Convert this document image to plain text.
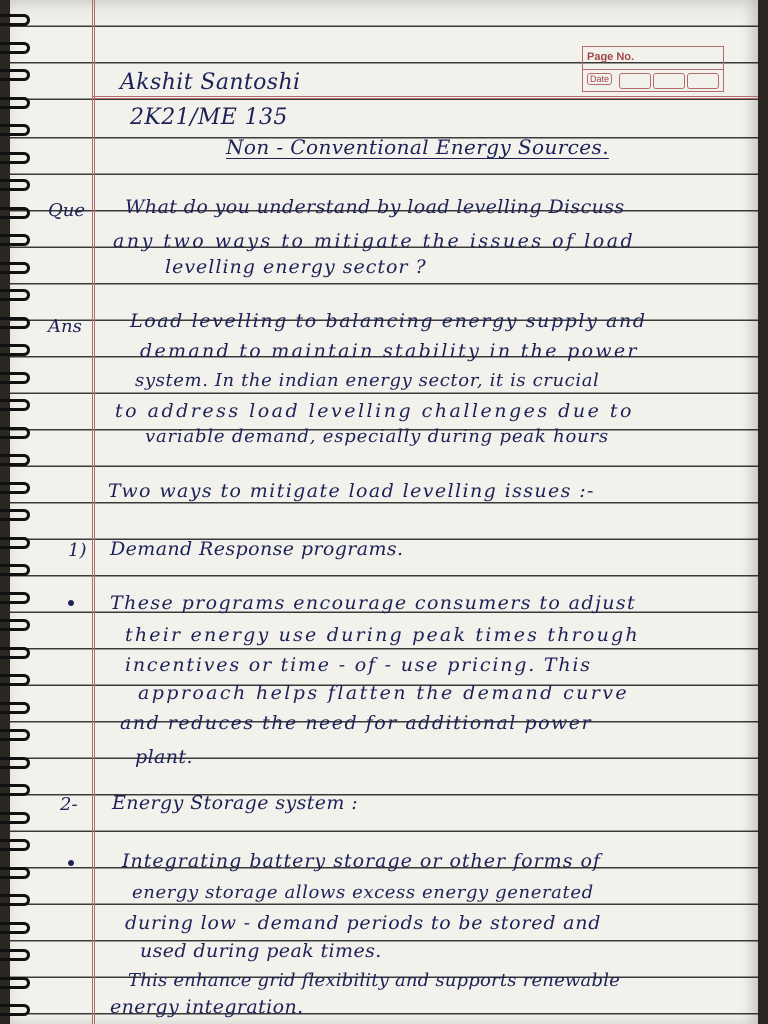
Page No.
Date
Akshit Santoshi
2K21/ME 135
Non - Conventional Energy Sources.
Que What do you understand by load levelling Discuss
any two ways to mitigate the issues of load
levelling energy sector ?
Ans	Load levelling to balancing energy supply and
demand to maintain stability in the power
system. In the indian energy sector, it is crucial
to address load levelling challenges due to
variable demand, especially during peak hours
Two ways to mitigate load levelling issues :-
1) Demand Response programs.
These programs encourage consumers to adjust
their energy use during peak times through
incentives or time - of - use pricing. This
approach helps flatten the demand curve
and reduces the need for additional power
plant.
2- Energy Storage system :
Integrating battery storage or other forms of
energy storage allows excess energy generated
during low - demand periods to be stored and
used during peak times.
This enhance grid flexibility and supports renewable
energy integration.
